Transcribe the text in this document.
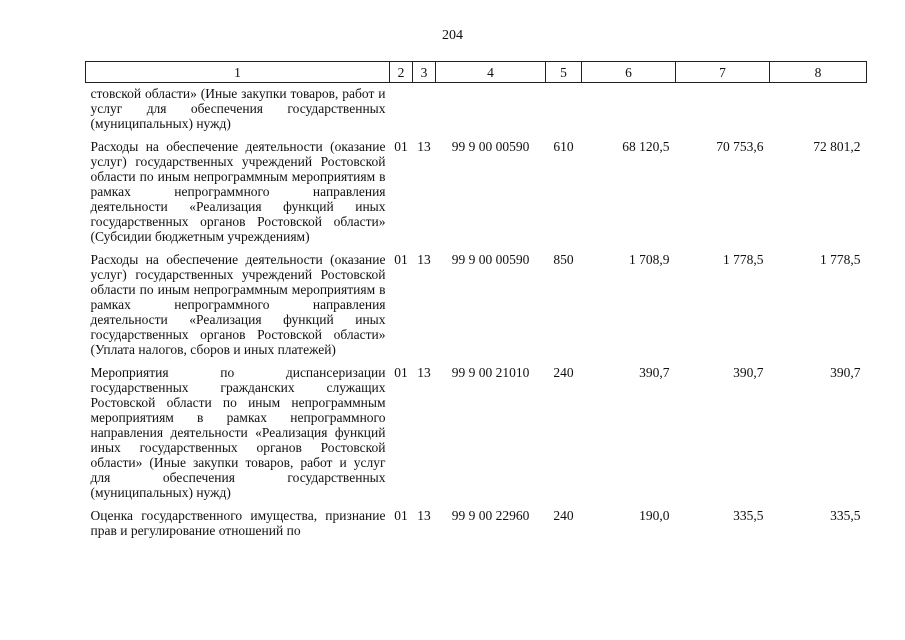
204
1	2	3	4	5	6	7	8
стовской области» (Иные закупки товаров, работ и услуг для обеспечения государственных (муниципальных) нужд)							
Расходы на обеспечение деятельности (оказание услуг) государственных учреждений Ростовской области по иным непрограммным мероприятиям в рамках непрограммного направления деятельности «Реализация функций иных государственных органов Ростовской области» (Субсидии бюджетным учреждениям)	01	13	99 9 00 00590	610	68 120,5	70 753,6	72 801,2
Расходы на обеспечение деятельности (оказание услуг) государственных учреждений Ростовской области по иным непрограммным мероприятиям в рамках непрограммного направления деятельности «Реализация функций иных государственных органов Ростовской области» (Уплата налогов, сборов и иных платежей)	01	13	99 9 00 00590	850	1 708,9	1 778,5	1 778,5
Мероприятия по диспансеризации государственных гражданских служащих Ростовской области по иным непрограммным мероприятиям в рамках непрограммного направления деятельности «Реализация функций иных государственных органов Ростовской области» (Иные закупки товаров, работ и услуг для обеспечения государственных (муниципальных) нужд)	01	13	99 9 00 21010	240	390,7	390,7	390,7
Оценка государственного имущества, признание прав и регулирование отношений по	01	13	99 9 00 22960	240	190,0	335,5	335,5
